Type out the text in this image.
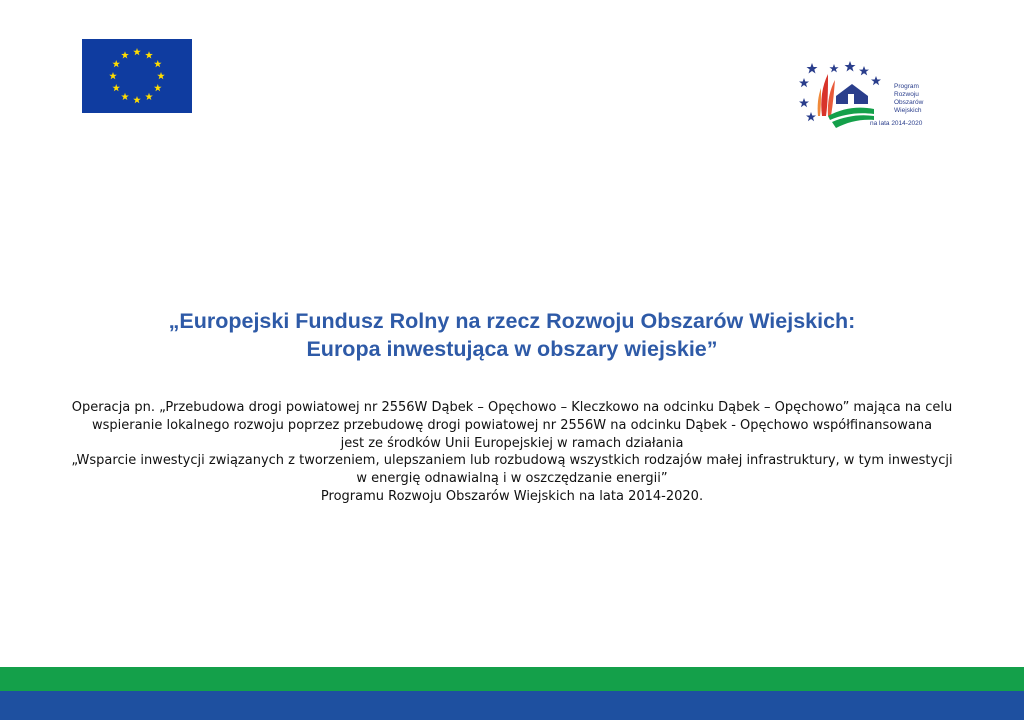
Program
Rozwoju
Obszarów
Wiejskich
na lata 2014-2020
„Europejski Fundusz Rolny na rzecz Rozwoju Obszarów Wiejskich:
Europa inwestująca w obszary wiejskie”
Operacja pn. „Przebudowa drogi powiatowej nr 2556W Dąbek – Opęchowo – Kleczkowo na odcinku Dąbek – Opęchowo” mająca na celu
wspieranie lokalnego rozwoju poprzez przebudowę drogi powiatowej nr 2556W na odcinku Dąbek - Opęchowo współfinansowana
jest ze środków Unii Europejskiej w ramach działania
„Wsparcie inwestycji związanych z tworzeniem, ulepszaniem lub rozbudową wszystkich rodzajów małej infrastruktury, w tym inwestycji
w energię odnawialną i w oszczędzanie energii”
Programu Rozwoju Obszarów Wiejskich na lata 2014-2020.
